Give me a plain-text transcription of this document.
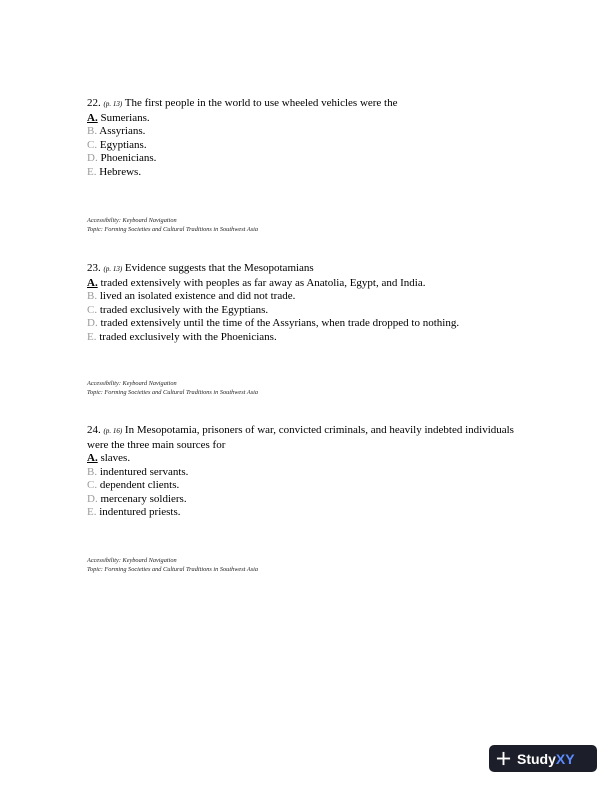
22. (p. 13) The first people in the world to use wheeled vehicles were the

A. Sumerians.
B. Assyrians.
C. Egyptians.
D. Phoenicians.
E. Hebrews.
Accessibility: Keyboard Navigation
Topic: Forming Societies and Cultural Traditions in Southwest Asia

23. (p. 13) Evidence suggests that the Mesopotamians

A. traded extensively with peoples as far away as Anatolia, Egypt, and India.
B. lived an isolated existence and did not trade.
C. traded exclusively with the Egyptians.
D. traded extensively until the time of the Assyrians, when trade dropped to nothing.
E. traded exclusively with the Phoenicians.
Accessibility: Keyboard Navigation
Topic: Forming Societies and Cultural Traditions in Southwest Asia

24. (p. 16) In Mesopotamia, prisoners of war, convicted criminals, and heavily indebted individuals were the three main sources for

A. slaves.
B. indentured servants.
C. dependent clients.
D. mercenary soldiers.
E. indentured priests.
Accessibility: Keyboard Navigation
Topic: Forming Societies and Cultural Traditions in Southwest Asia
Study XY
